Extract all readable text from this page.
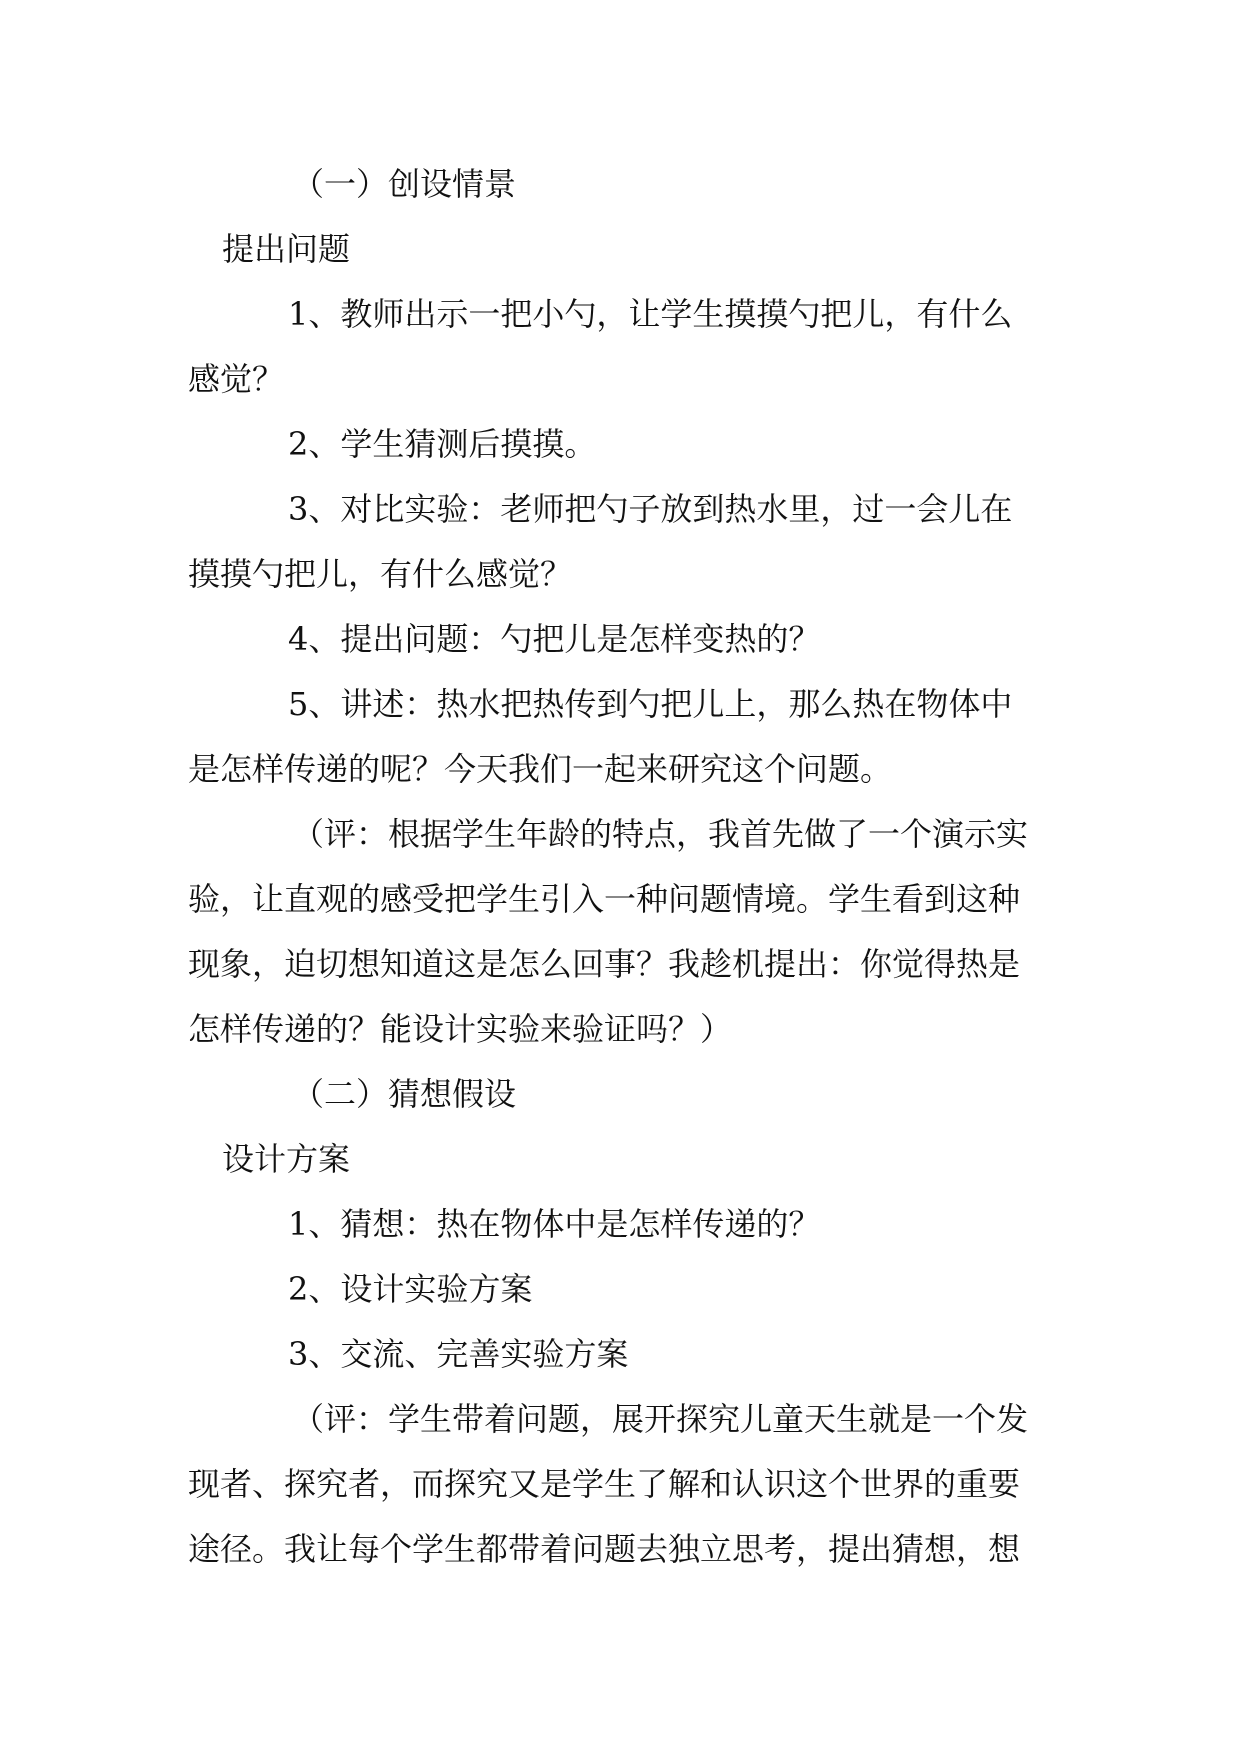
（一）创设情景

提出问题

1、教师出示一把小勺，让学生摸摸勺把儿，有什么

感觉？

2、学生猜测后摸摸。

3、对比实验：老师把勺子放到热水里，过一会儿在

摸摸勺把儿，有什么感觉？

4、提出问题：勺把儿是怎样变热的？

5、讲述：热水把热传到勺把儿上，那么热在物体中

是怎样传递的呢？今天我们一起来研究这个问题。

（评：根据学生年龄的特点，我首先做了一个演示实

验，让直观的感受把学生引入一种问题情境。学生看到这种

现象，迫切想知道这是怎么回事？我趁机提出：你觉得热是

怎样传递的？能设计实验来验证吗？）

（二）猜想假设

设计方案

1、猜想：热在物体中是怎样传递的？

2、设计实验方案

3、交流、完善实验方案

（评：学生带着问题，展开探究儿童天生就是一个发

现者、探究者，而探究又是学生了解和认识这个世界的重要

途径。我让每个学生都带着问题去独立思考，提出猜想，想
